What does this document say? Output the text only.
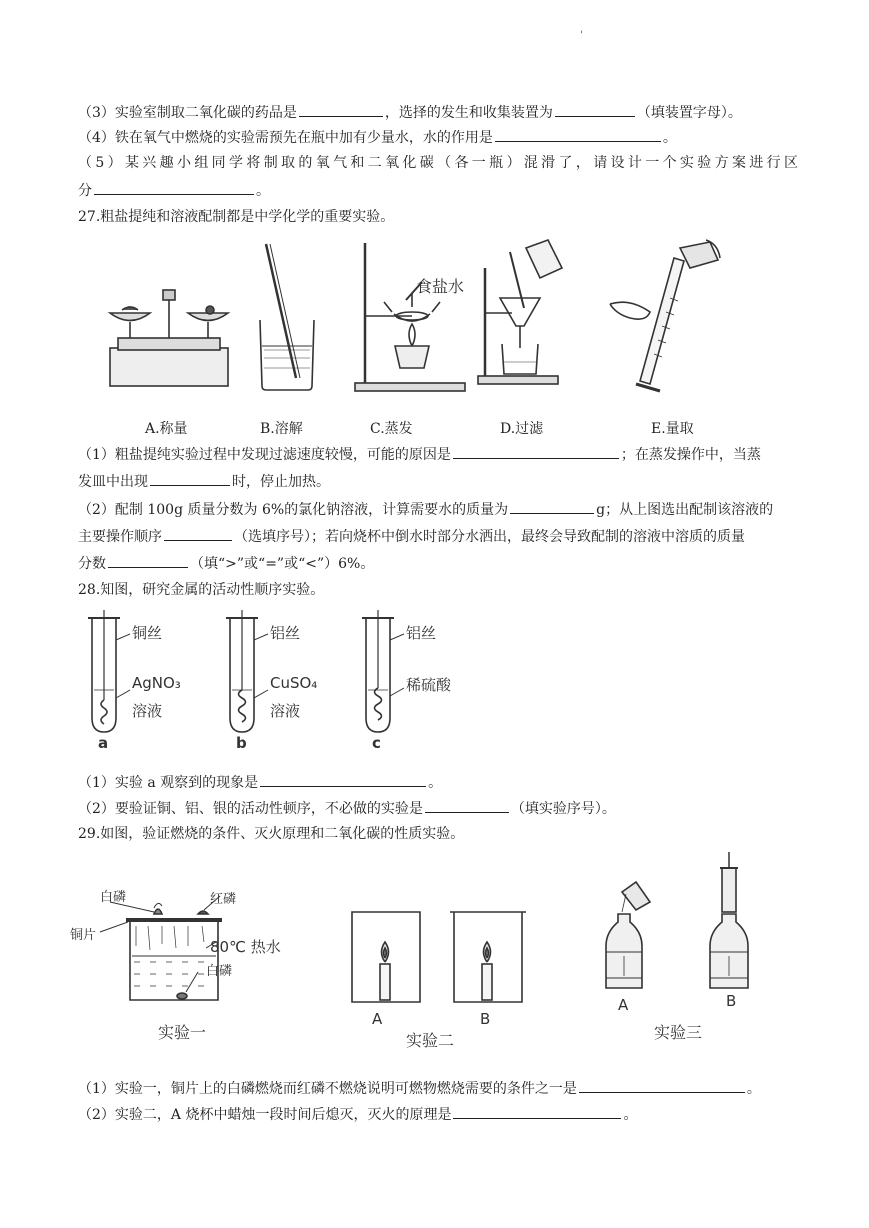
'
（3）实验室制取二氧化碳的药品是	，选择的发生和收集装置为	（填装置字母）。
（4）铁在氧气中燃烧的实验需预先在瓶中加有少量水，水的作用是	。
（5）某兴趣小组同学将制取的氧气和二氧化碳（各一瓶）混滑了，请设计一个实验方案进行区
分	。
27.粗盐提纯和溶液配制都是中学化学的重要实验。
食盐水
A.称量	B.溶解	C.蒸发	D.过滤	E.量取
（1）粗盐提纯实验过程中发现过滤速度较慢，可能的原因是	；在蒸发操作中，当蒸
发皿中出现	时，停止加热。
（2）配制 100g 质量分数为 6%的氯化钠溶液，计算需要水的质量为	g；从上图选出配制该溶液的
主要操作顺序	（选填序号）；若向烧杯中倒水时部分水洒出，最终会导致配制的溶液中溶质的质量
分数	（填“>”或“=”或“<”）6%。
28.知图，研究金属的活动性顺序实验。
铜丝
AgNO₃
溶液
a
铝丝
CuSO₄
溶液
b
铝丝
稀硫酸
c
（1）实验 a 观察到的现象是	。
（2）要验证铜、铝、银的活动性顿序，不必做的实验是	（填实验序号）。
29.如图，验证燃烧的条件、灭火原理和二氧化碳的性质实验。
白磷	红磷
铜片
80℃ 热水
白磷
实验一
A	B
实验二
A	B
实验三
（1）实验一，铜片上的白磷燃烧而红磷不燃烧说明可燃物燃烧需要的条件之一是	。
（2）实验二，A 烧杯中蜡烛一段时间后熄灭，灭火的原理是	。
